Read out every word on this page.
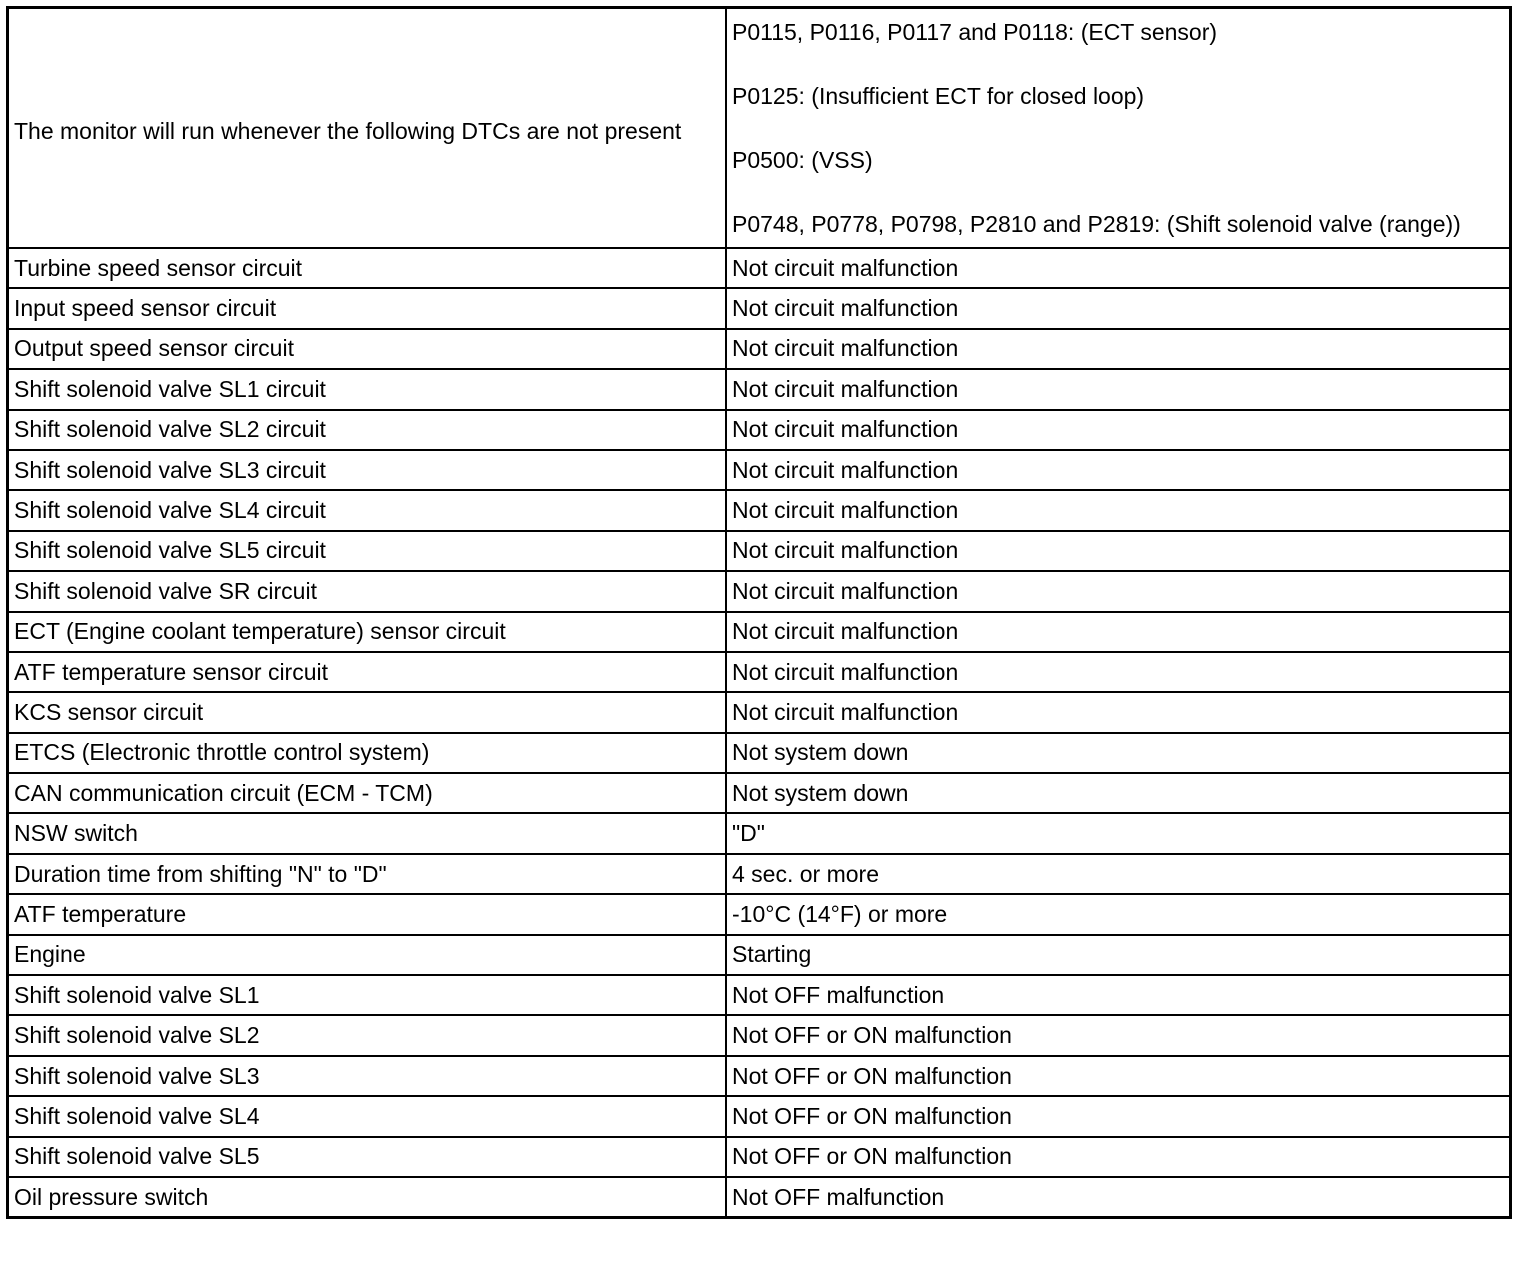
The monitor will run whenever the following DTCs are not present	P0115, P0116, P0117 and P0118: (ECT sensor)
P0125: (Insufficient ECT for closed loop)
P0500: (VSS)
P0748, P0778, P0798, P2810 and P2819: (Shift solenoid valve (range))

Turbine speed sensor circuit	Not circuit malfunction
Input speed sensor circuit	Not circuit malfunction
Output speed sensor circuit	Not circuit malfunction
Shift solenoid valve SL1 circuit	Not circuit malfunction
Shift solenoid valve SL2 circuit	Not circuit malfunction
Shift solenoid valve SL3 circuit	Not circuit malfunction
Shift solenoid valve SL4 circuit	Not circuit malfunction
Shift solenoid valve SL5 circuit	Not circuit malfunction
Shift solenoid valve SR circuit	Not circuit malfunction
ECT (Engine coolant temperature) sensor circuit	Not circuit malfunction
ATF temperature sensor circuit	Not circuit malfunction
KCS sensor circuit	Not circuit malfunction
ETCS (Electronic throttle control system)	Not system down
CAN communication circuit (ECM - TCM)	Not system down
NSW switch	"D"
Duration time from shifting "N" to "D"	4 sec. or more
ATF temperature	-10°C (14°F) or more
Engine	Starting
Shift solenoid valve SL1	Not OFF malfunction
Shift solenoid valve SL2	Not OFF or ON malfunction
Shift solenoid valve SL3	Not OFF or ON malfunction
Shift solenoid valve SL4	Not OFF or ON malfunction
Shift solenoid valve SL5	Not OFF or ON malfunction
Oil pressure switch	Not OFF malfunction
